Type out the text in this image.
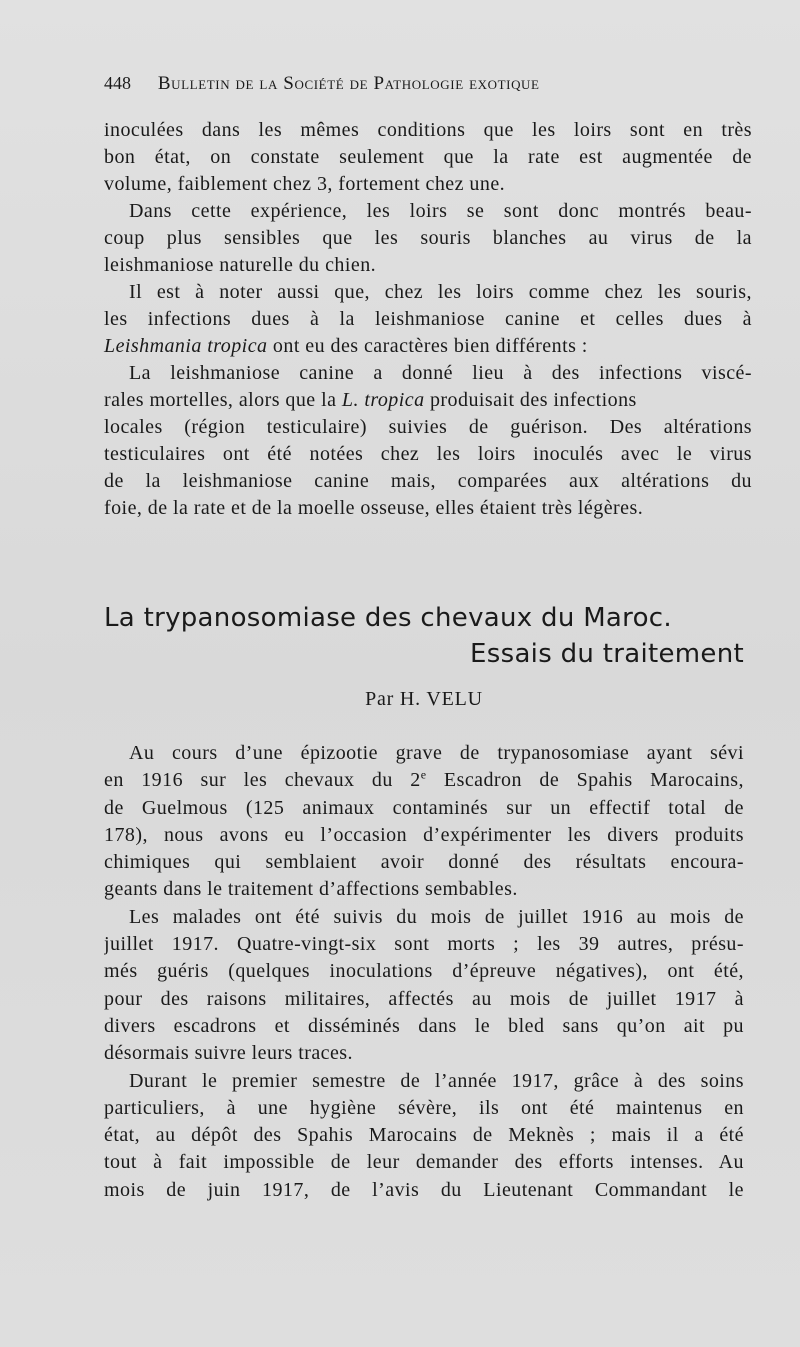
448 Bulletin de la Société de Pathologie exotique
inoculées dans les mêmes conditions que les loirs sont en très
bon état, on constate seulement que la rate est augmentée de
volume, faiblement chez 3, fortement chez une.
Dans cette expérience, les loirs se sont donc montrés beau-
coup plus sensibles que les souris blanches au virus de la
leishmaniose naturelle du chien.
Il est à noter aussi que, chez les loirs comme chez les souris,
les infections dues à la leishmaniose canine et celles dues à
Leishmania tropica ont eu des caractères bien différents :
La leishmaniose canine a donné lieu à des infections viscé-
rales mortelles, alors que la L. tropica produisait des infections
locales (région testiculaire) suivies de guérison. Des altérations
testiculaires ont été notées chez les loirs inoculés avec le virus
de la leishmaniose canine mais, comparées aux altérations du
foie, de la rate et de la moelle osseuse, elles étaient très légères.
La trypanosomiase des chevaux du Maroc.
Essais du traitement
Par H. VELU
Au cours d’une épizootie grave de trypanosomiase ayant sévi
en 1916 sur les chevaux du 2e Escadron de Spahis Marocains,
de Guelmous (125 animaux contaminés sur un effectif total de
178), nous avons eu l’occasion d’expérimenter les divers produits
chimiques qui semblaient avoir donné des résultats encoura-
geants dans le traitement d’affections sembables.
Les malades ont été suivis du mois de juillet 1916 au mois de
juillet 1917. Quatre-vingt-six sont morts ; les 39 autres, présu-
més guéris (quelques inoculations d’épreuve négatives), ont été,
pour des raisons militaires, affectés au mois de juillet 1917 à
divers escadrons et disséminés dans le bled sans qu’on ait pu
désormais suivre leurs traces.
Durant le premier semestre de l’année 1917, grâce à des soins
particuliers, à une hygiène sévère, ils ont été maintenus en
état, au dépôt des Spahis Marocains de Meknès ; mais il a été
tout à fait impossible de leur demander des efforts intenses. Au
mois de juin 1917, de l’avis du Lieutenant Commandant le
